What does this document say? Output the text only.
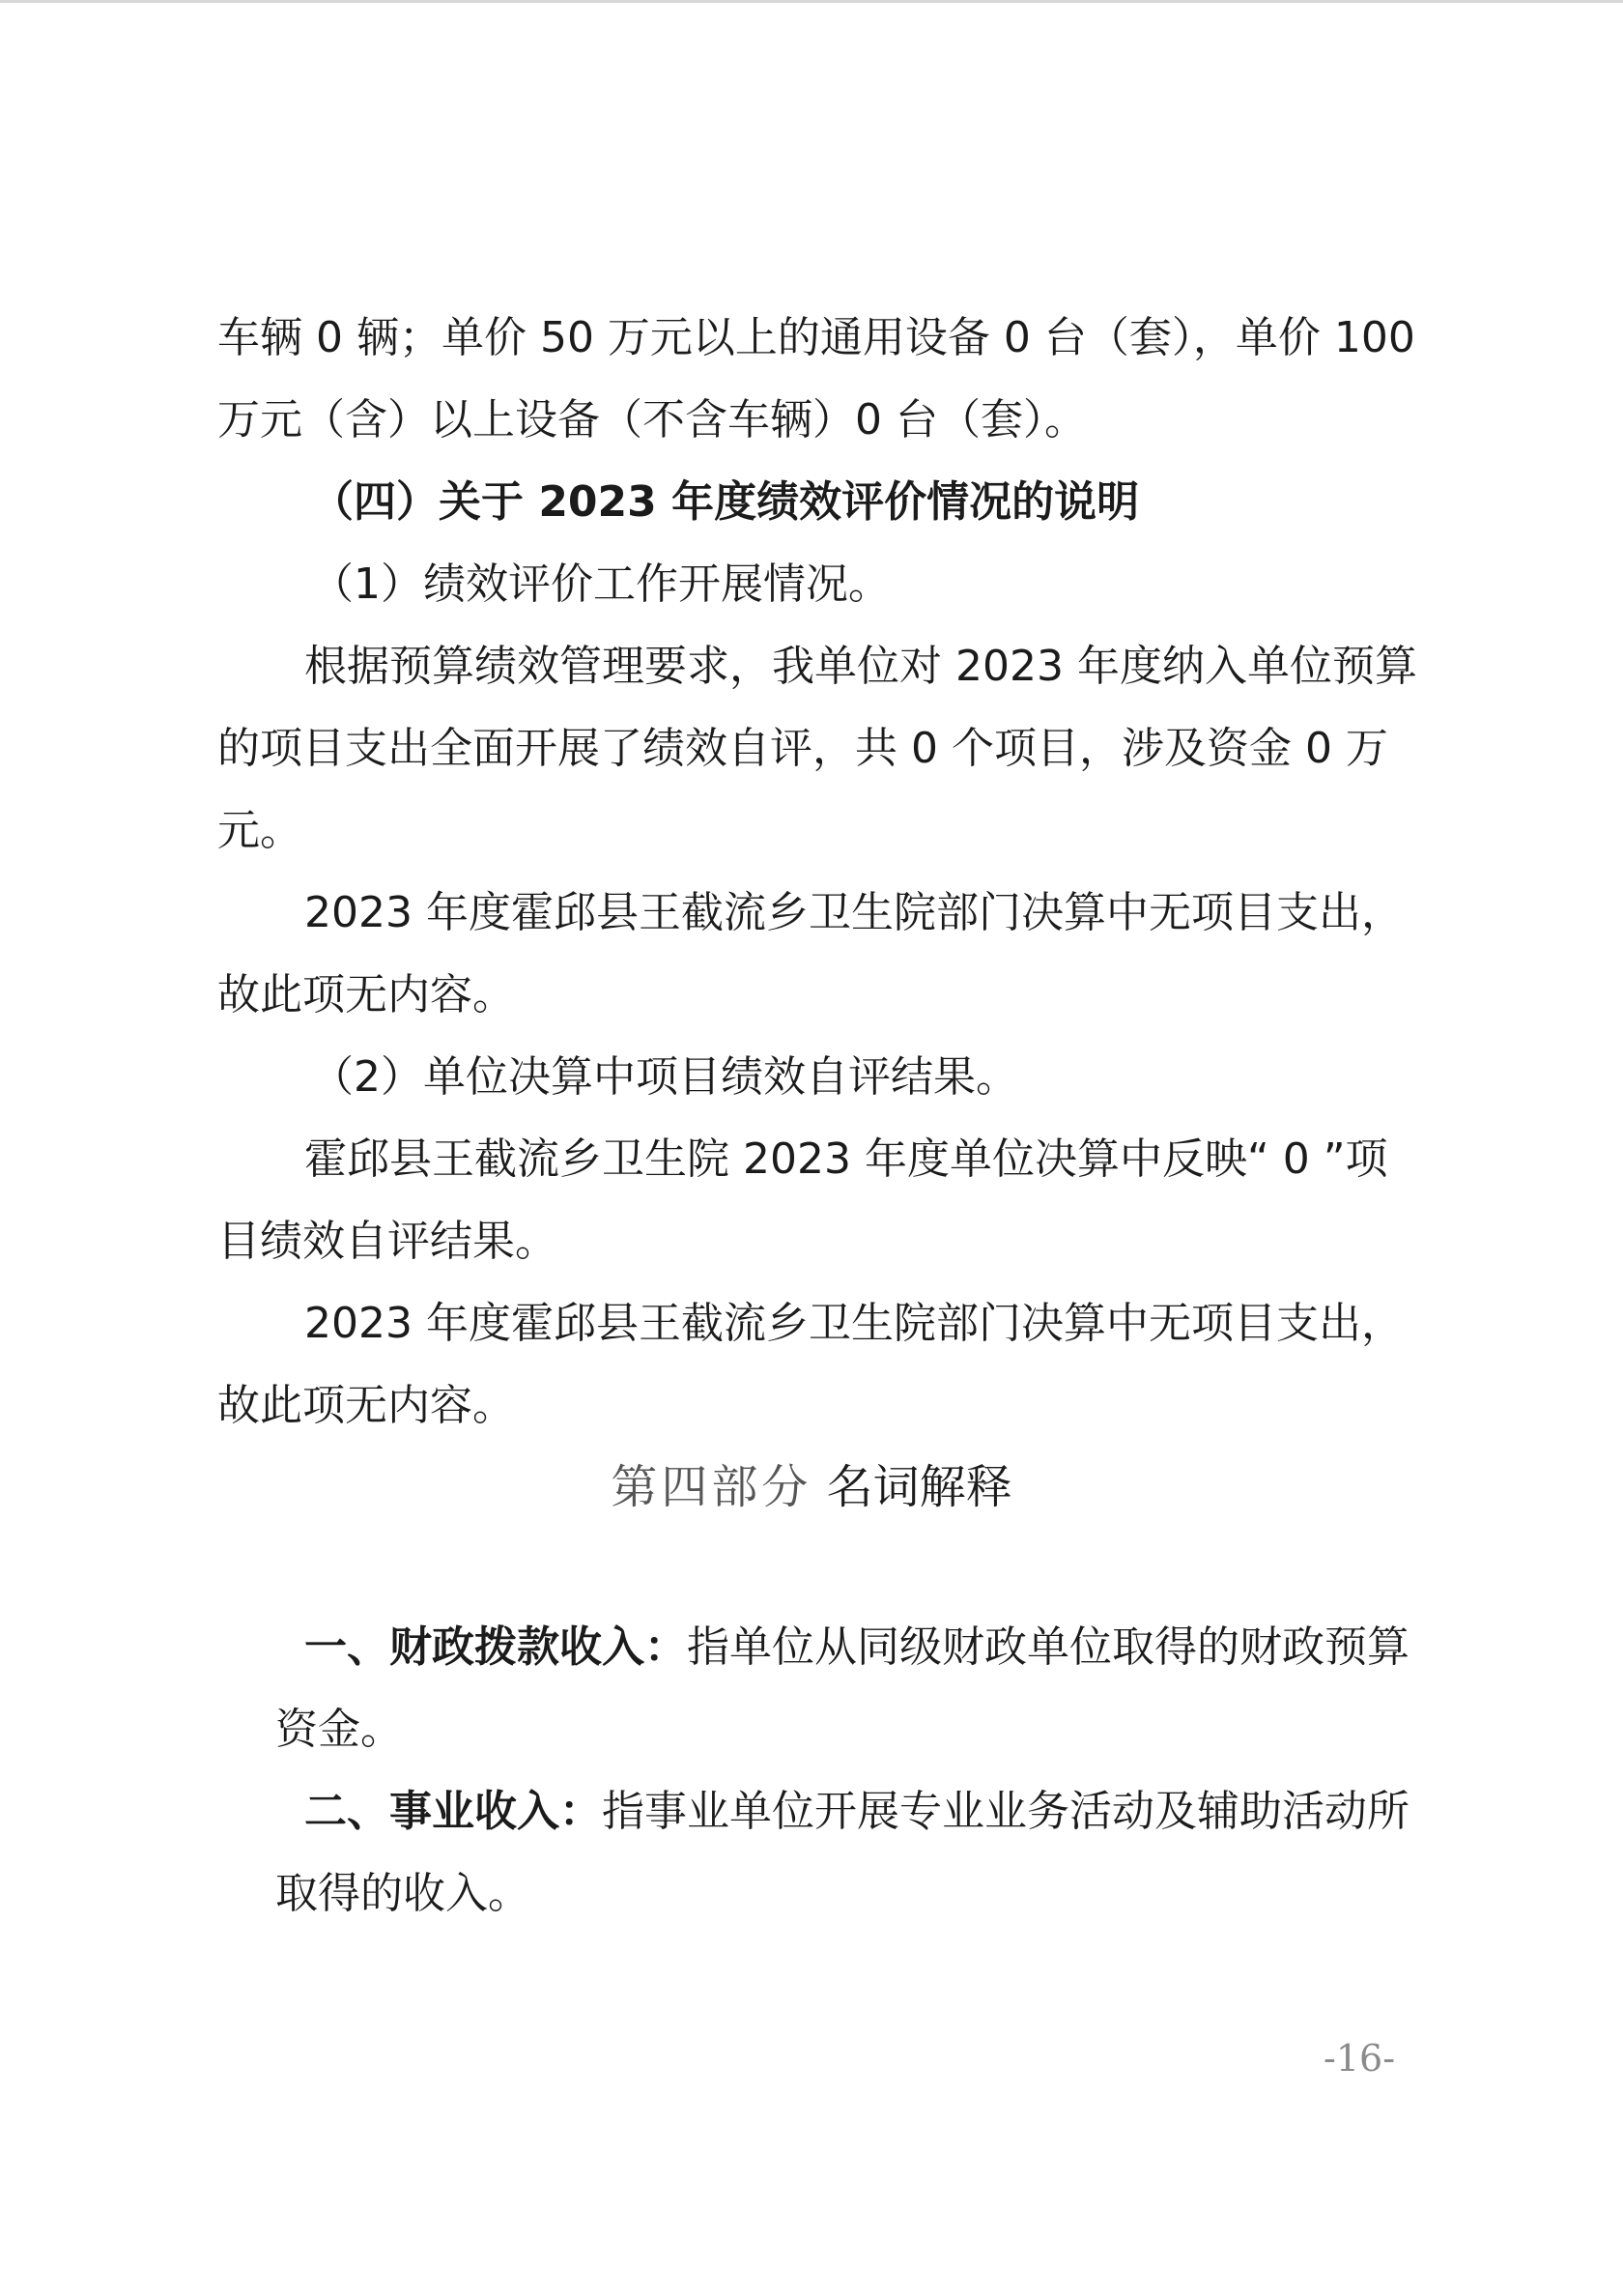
车辆 0 辆；单价 50 万元以上的通用设备 0 台（套），单价 100
万元（含）以上设备（不含车辆）0 台（套）。
（四）关于 2023 年度绩效评价情况的说明
（1）绩效评价工作开展情况。
根据预算绩效管理要求，我单位对 2023 年度纳入单位预算
的项目支出全面开展了绩效自评，共 0 个项目，涉及资金 0 万
元。
2023 年度霍邱县王截流乡卫生院部门决算中无项目支出，
故此项无内容。
（2）单位决算中项目绩效自评结果。
霍邱县王截流乡卫生院 2023 年度单位决算中反映“ 0 ”项
目绩效自评结果。
2023 年度霍邱县王截流乡卫生院部门决算中无项目支出，
故此项无内容。
第四部分 名词解释
一、财政拨款收入：指单位从同级财政单位取得的财政预算
资金。
二、事业收入：指事业单位开展专业业务活动及辅助活动所
取得的收入。
-16-
